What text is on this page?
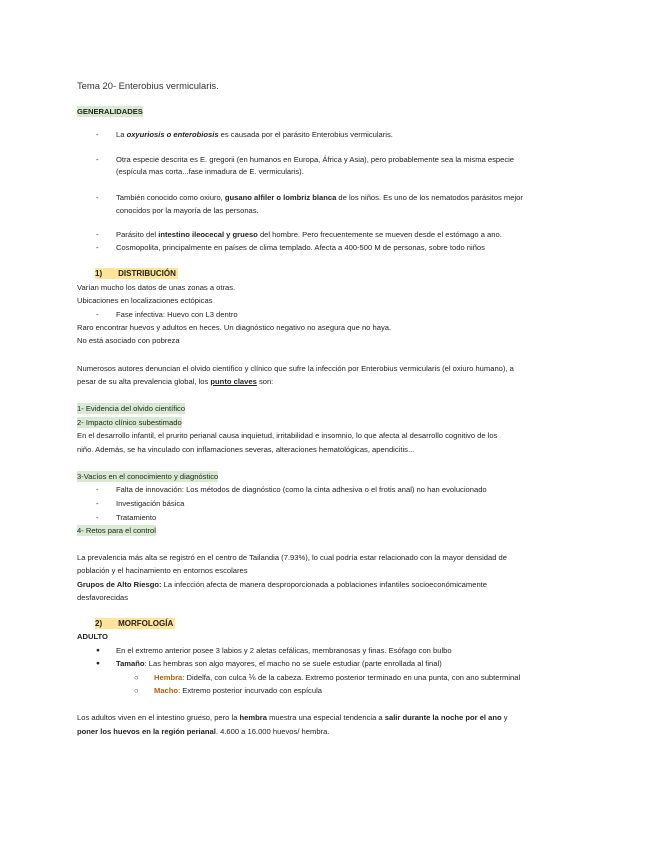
Tema 20- Enterobius vermicularis.
GENERALIDADES
- La oxyuriosis o enterobiosis es causada por el parásito Enterobius vermicularis.
- Otra especie descrita es E. gregorii (en humanos en Europa, África y Asia), pero probablemente sea la misma especie
(espícula mas corta...fase inmadura de E. vermicularis).
- También conocido como oxiuro, gusano alfiler o lombriz blanca de los niños. Es uno de los nematodos parásitos mejor
conocidos por la mayoría de las personas.
- Parásito del intestino ileocecal y grueso del hombre. Pero frecuentemente se mueven desde el estómago a ano.
- Cosmopolita, principalmente en países de clima templado. Afecta a 400-500 M de personas, sobre todo niños
1) DISTRIBUCIÓN
Varían mucho los datos de unas zonas a otras.
Ubicaciones en localizaciones ectópicas
- Fase infectiva: Huevo con L3 dentro
Raro encontrar huevos y adultos en heces. Un diagnóstico negativo no asegura que no haya.
No está asociado con pobreza
Numerosos autores denuncian el olvido científico y clínico que sufre la infección por Enterobius vermicularis (el oxiuro humano), a
pesar de su alta prevalencia global, los punto claves son:
1- Evidencia del olvido científico
2- Impacto clínico subestimado
En el desarrollo infantil, el prurito perianal causa inquietud, irritabilidad e insomnio, lo que afecta al desarrollo cognitivo de los
niño. Además, se ha vinculado con inflamaciones severas, alteraciones hematológicas, apendicitis...
3-Vacíos en el conocimiento y diagnóstico
- Falta de innovación: Los métodos de diagnóstico (como la cinta adhesiva o el frotis anal) no han evolucionado
- Investigación básica
- Tratamiento
4- Retos para el control
La prevalencia más alta se registró en el centro de Tailandia (7.93%), lo cual podría estar relacionado con la mayor densidad de
población y el hacinamiento en entornos escolares
Grupos de Alto Riesgo: La infección afecta de manera desproporcionada a poblaciones infantiles socioeconómicamente
desfavorecidas
2) MORFOLOGÍA
ADULTO
● En el extremo anterior posee 3 labios y 2 aletas cefálicas, membranosas y finas. Esófago con bulbo
● Tamaño: Las hembras son algo mayores, el macho no se suele estudiar (parte enrollada al final)
○ Hembra: Didelfa, con culca ⅙ de la cabeza. Extremo posterior terminado en una punta, con ano subterminal
○ Macho: Extremo posterior incurvado con espícula
Los adultos viven en el intestino grueso, pero la hembra muestra una especial tendencia a salir durante la noche por el ano y
poner los huevos en la región perianal. 4.600 a 16.000 huevos/ hembra.
